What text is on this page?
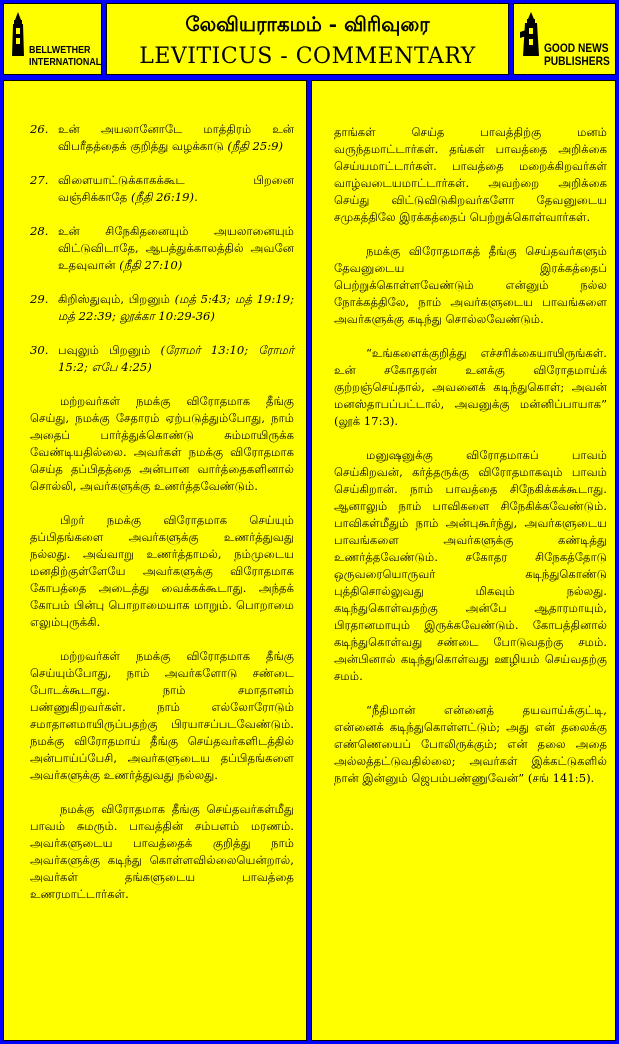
BELLWETHER
INTERNATIONAL
லேவியராகமம் - விரிவுரை
LEVITICUS - COMMENTARY	GOOD NEWS
PUBLISHERS
26. உன் அயலானோடே மாத்திரம் உன் விபரீதத்தைக் குறித்து வழக்காடு (நீதி 25:9)
27. விளையாட்டுக்காகக்கூட பிறனை வஞ்சிக்காதே (நீதி 26:19).
28. உன் சிநேகிதனையும் அயலானையும் விட்டுவிடாதே, ஆபத்துக்காலத்தில் அவனே உதவுவான் (நீதி 27:10)
29. கிறிஸ்துவும், பிறனும் (மத் 5:43; மத் 19:19; மத் 22:39; லூக்கா 10:29-36)
30. பவுலும் பிறனும் (ரோமர் 13:10; ரோமர் 15:2; எபே 4:25)

மற்றவர்கள் நமக்கு விரோதமாக தீங்கு செய்து, நமக்கு சேதாரம் ஏற்படுத்தும்போது, நாம் அதைப் பார்த்துக்கொண்டு சும்மாயிருக்க வேண்டியதில்லை. அவர்கள் நமக்கு விரோதமாக செய்த தப்பிதத்தை அன்பான வார்த்தைகளினால் சொல்லி, அவர்களுக்கு உணர்த்தவேண்டும்.

பிறர் நமக்கு விரோதமாக செய்யும் தப்பிதங்களை அவர்களுக்கு உணர்த்துவது நல்லது. அவ்வாறு உணர்த்தாமல், நம்முடைய மனதிற்குள்ளேயே அவர்களுக்கு விரோதமாக கோபத்தை அடைத்து வைக்கக்கூடாது. அந்தக் கோபம் பின்பு பொறாமையாக மாறும். பொறாமை எலும்புருக்கி.

மற்றவர்கள் நமக்கு விரோதமாக தீங்கு செய்யும்போது, நாம் அவர்களோடு சண்டை போடக்கூடாது. நாம் சமாதானம் பண்ணுகிறவர்கள். நாம் எல்லோரோடும் சமாதானமாயிருப்பதற்கு பிரயாசப்படவேண்டும். நமக்கு விரோதமாய் தீங்கு செய்தவர்களிடத்தில் அன்பாய்ப்பேசி, அவர்களுடைய தப்பிதங்களை அவர்களுக்கு உணர்த்துவது நல்லது.

நமக்கு விரோதமாக தீங்கு செய்தவர்கள்மீது பாவம் சுமரும். பாவத்தின் சம்பளம் மரணம். அவர்களுடைய பாவத்தைக் குறித்து நாம் அவர்களுக்கு கடிந்து கொள்ளவில்லையென்றால், அவர்கள் தங்களுடைய பாவத்தை உணரமாட்டார்கள்.

தாங்கள் செய்த பாவத்திற்கு மனம் வருந்தமாட்டார்கள். தங்கள் பாவத்தை அறிக்கை செய்யமாட்டார்கள். பாவத்தை மறைக்கிறவர்கள் வாழ்வடையமாட்டார்கள். அவற்றை அறிக்கை செய்து விட்டுவிடுகிறவர்களோ தேவனுடைய சமுகத்திலே இரக்கத்தைப் பெற்றுக்கொள்வார்கள்.

நமக்கு விரோதமாகத் தீங்கு செய்தவர்களும் தேவனுடைய இரக்கத்தைப் பெற்றுக்கொள்ளவேண்டும் என்னும் நல்ல நோக்கத்திலே, நாம் அவர்களுடைய பாவங்களை அவர்களுக்கு கடிந்து சொல்லவேண்டும்.

“உங்களைக்குறித்து எச்சரிக்கையாயிருங்கள். உன் சகோதரன் உனக்கு விரோதமாய்க் குற்றஞ்செய்தால், அவனைக் கடிந்துகொள்; அவன் மனஸ்தாபப்பட்டால், அவனுக்கு மன்னிப்பாயாக” (லூக் 17:3).

மனுஷனுக்கு விரோதமாகப் பாவம் செய்கிறவன், கர்த்தருக்கு விரோதமாகவும் பாவம் செய்கிறான். நாம் பாவத்தை சிநேகிக்கக்கூடாது. ஆனாலும் நாம் பாவிகளை சிநேகிக்கவேண்டும். பாவிகள்மீதும் நாம் அன்புகூர்ந்து, அவர்களுடைய பாவங்களை அவர்களுக்கு கண்டித்து உணர்த்தவேண்டும். சகோதர சிநேகத்தோடு ஒருவரையொருவர் கடிந்துகொண்டு புத்திசொல்லுவது மிகவும் நல்லது. கடிந்துகொள்வதற்கு அன்பே ஆதாரமாயும், பிரதானமாயும் இருக்கவேண்டும். கோபத்தினால் கடிந்துகொள்வது சண்டை போடுவதற்கு சமம். அன்பினால் கடிந்துகொள்வது ஊழியம் செய்வதற்கு சமம்.

“நீதிமான் என்னைத் தயவாய்க்குட்டி, என்னைக் கடிந்துகொள்ளட்டும்; அது என் தலைக்கு எண்ணெயைப் போலிருக்கும்; என் தலை அதை அல்லத்தட்டுவதில்லை; அவர்கள் இக்கட்டுகளில் நான் இன்னும் ஜெபம்பண்ணுவேன்” (சங் 141:5).
